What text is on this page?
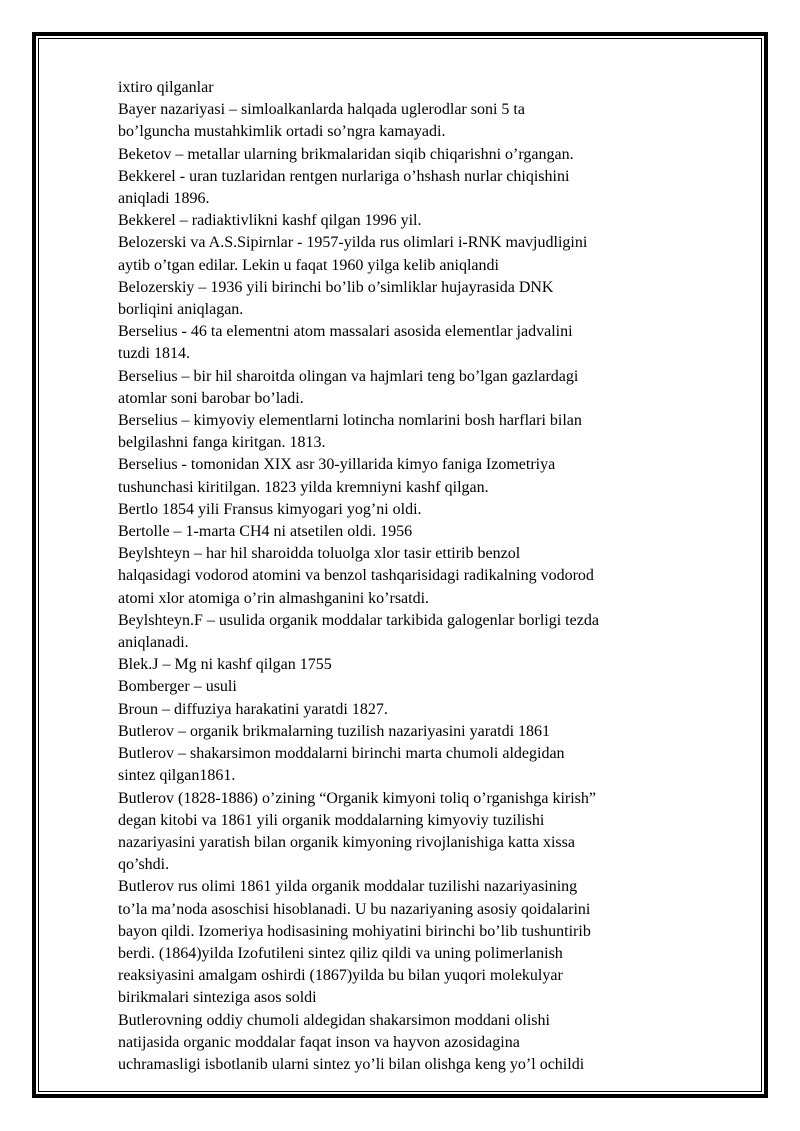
ixtiro qilganlar
Bayer nazariyasi – simloalkanlarda halqada uglerodlar soni 5 ta
bo’lguncha mustahkimlik ortadi so’ngra kamayadi.
Beketov – metallar ularning brikmalaridan siqib chiqarishni o’rgangan.
Bekkerel - uran tuzlaridan rentgen nurlariga o’hshash nurlar chiqishini
aniqladi 1896.
Bekkerel – radiaktivlikni kashf qilgan 1996 yil.
Belozerski va A.S.Sipirnlar - 1957-yilda rus olimlari i-RNK mavjudligini
aytib o’tgan edilar. Lekin u faqat 1960 yilga kelib aniqlandi
Belozerskiy – 1936 yili birinchi bo’lib o’simliklar hujayrasida DNK
borliqini aniqlagan.
Berselius - 46 ta elementni atom massalari asosida elementlar jadvalini
tuzdi 1814.
Berselius – bir hil sharoitda olingan va hajmlari teng bo’lgan gazlardagi
atomlar soni barobar bo’ladi.
Berselius – kimyoviy elementlarni lotincha nomlarini bosh harflari bilan
belgilashni fanga kiritgan. 1813.
Berselius - tomonidan XIX asr 30-yillarida kimyo faniga Izometriya
tushunchasi kiritilgan. 1823 yilda kremniyni kashf qilgan.
Bertlo 1854 yili Fransus kimyogari yog’ni oldi.
Bertolle – 1-marta CH4 ni atsetilen oldi. 1956
Beylshteyn – har hil sharoidda toluolga xlor tasir ettirib benzol
halqasidagi vodorod atomini va benzol tashqarisidagi radikalning vodorod
atomi xlor atomiga o’rin almashganini ko’rsatdi.
Beylshteyn.F – usulida organik moddalar tarkibida galogenlar borligi tezda
aniqlanadi.
Blek.J – Mg ni kashf qilgan 1755
Bomberger – usuli
Broun – diffuziya harakatini yaratdi 1827.
Butlerov – organik brikmalarning tuzilish nazariyasini yaratdi 1861
Butlerov – shakarsimon moddalarni birinchi marta chumoli aldegidan
sintez qilgan1861.
Butlerov (1828-1886) o’zining “Organik kimyoni toliq o’rganishga kirish”
degan kitobi va 1861 yili organik moddalarning kimyoviy tuzilishi
nazariyasini yaratish bilan organik kimyoning rivojlanishiga katta xissa
qo’shdi.
Butlerov rus olimi 1861 yilda organik moddalar tuzilishi nazariyasining
to’la ma’noda asoschisi hisoblanadi. U bu nazariyaning asosiy qoidalarini
bayon qildi. Izomeriya hodisasining mohiyatini birinchi bo’lib tushuntirib
berdi. (1864)yilda Izofutileni sintez qiliz qildi va uning polimerlanish
reaksiyasini amalgam oshirdi (1867)yilda bu bilan yuqori molekulyar
birikmalari sinteziga asos soldi
Butlerovning oddiy chumoli aldegidan shakarsimon moddani olishi
natijasida organic moddalar faqat inson va hayvon azosidagina
uchramasligi isbotlanib ularni sintez yo’li bilan olishga keng yo’l ochildi
